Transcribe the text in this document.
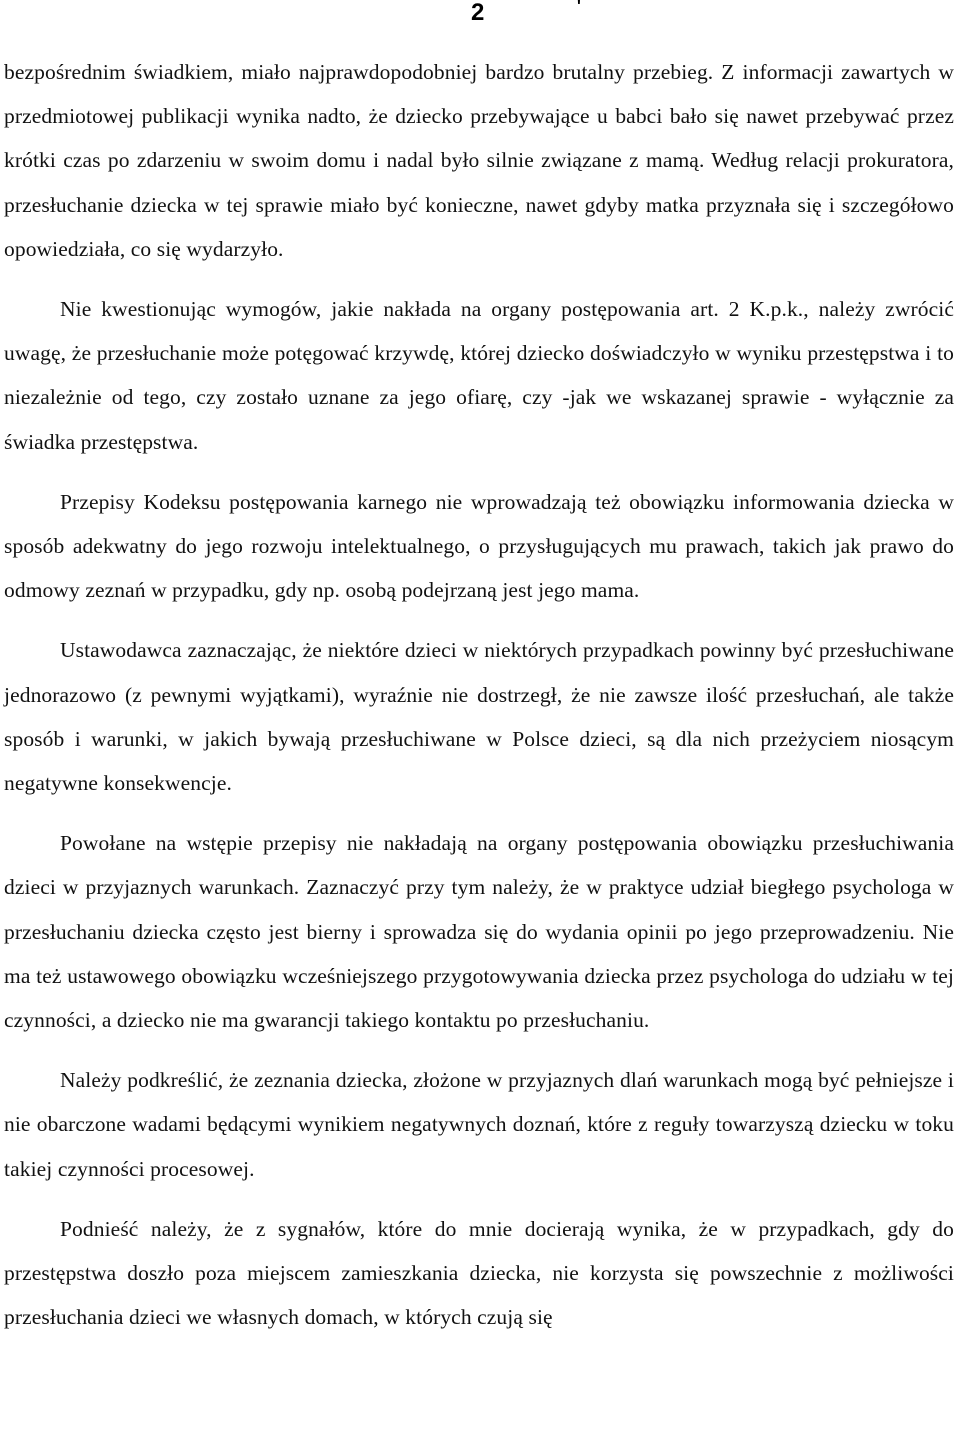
2	'

bezpośrednim świadkiem, miało najprawdopodobniej bardzo brutalny przebieg. Z informacji zawartych w przedmiotowej publikacji wynika nadto, że dziecko przebywające u babci bało się nawet przebywać przez krótki czas po zdarzeniu w swoim domu i nadal było silnie związane z mamą. Według relacji prokuratora, przesłuchanie dziecka w tej sprawie miało być konieczne, nawet gdyby matka przyznała się i szczegółowo opowiedziała, co się wydarzyło.

Nie kwestionując wymogów, jakie nakłada na organy postępowania art. 2 K.p.k., należy zwrócić uwagę, że przesłuchanie może potęgować krzywdę, której dziecko doświadczyło w wyniku przestępstwa i to niezależnie od tego, czy zostało uznane za jego ofiarę, czy -jak we wskazanej sprawie - wyłącznie za świadka przestępstwa.

Przepisy Kodeksu postępowania karnego nie wprowadzają też obowiązku informowania dziecka w sposób adekwatny do jego rozwoju intelektualnego, o przysługujących mu prawach, takich jak prawo do odmowy zeznań w przypadku, gdy np. osobą podejrzaną jest jego mama.

Ustawodawca zaznaczając, że niektóre dzieci w niektórych przypadkach powinny być przesłuchiwane jednorazowo (z pewnymi wyjątkami), wyraźnie nie dostrzegł, że nie zawsze ilość przesłuchań, ale także sposób i warunki, w jakich bywają przesłuchiwane w Polsce dzieci, są dla nich przeżyciem niosącym negatywne konsekwencje.

Powołane na wstępie przepisy nie nakładają na organy postępowania obowiązku przesłuchiwania dzieci w przyjaznych warunkach. Zaznaczyć przy tym należy, że w praktyce udział biegłego psychologa w przesłuchaniu dziecka często jest bierny i sprowadza się do wydania opinii po jego przeprowadzeniu. Nie ma też ustawowego obowiązku wcześniejszego przygotowywania dziecka przez psychologa do udziału w tej czynności, a dziecko nie ma gwarancji takiego kontaktu po przesłuchaniu.

Należy podkreślić, że zeznania dziecka, złożone w przyjaznych dlań warunkach mogą być pełniejsze i nie obarczone wadami będącymi wynikiem negatywnych doznań, które z reguły towarzyszą dziecku w toku takiej czynności procesowej.

Podnieść należy, że z sygnałów, które do mnie docierają wynika, że w przypadkach, gdy do przestępstwa doszło poza miejscem zamieszkania dziecka, nie korzysta się powszechnie z możliwości przesłuchania dzieci we własnych domach, w których czują się
